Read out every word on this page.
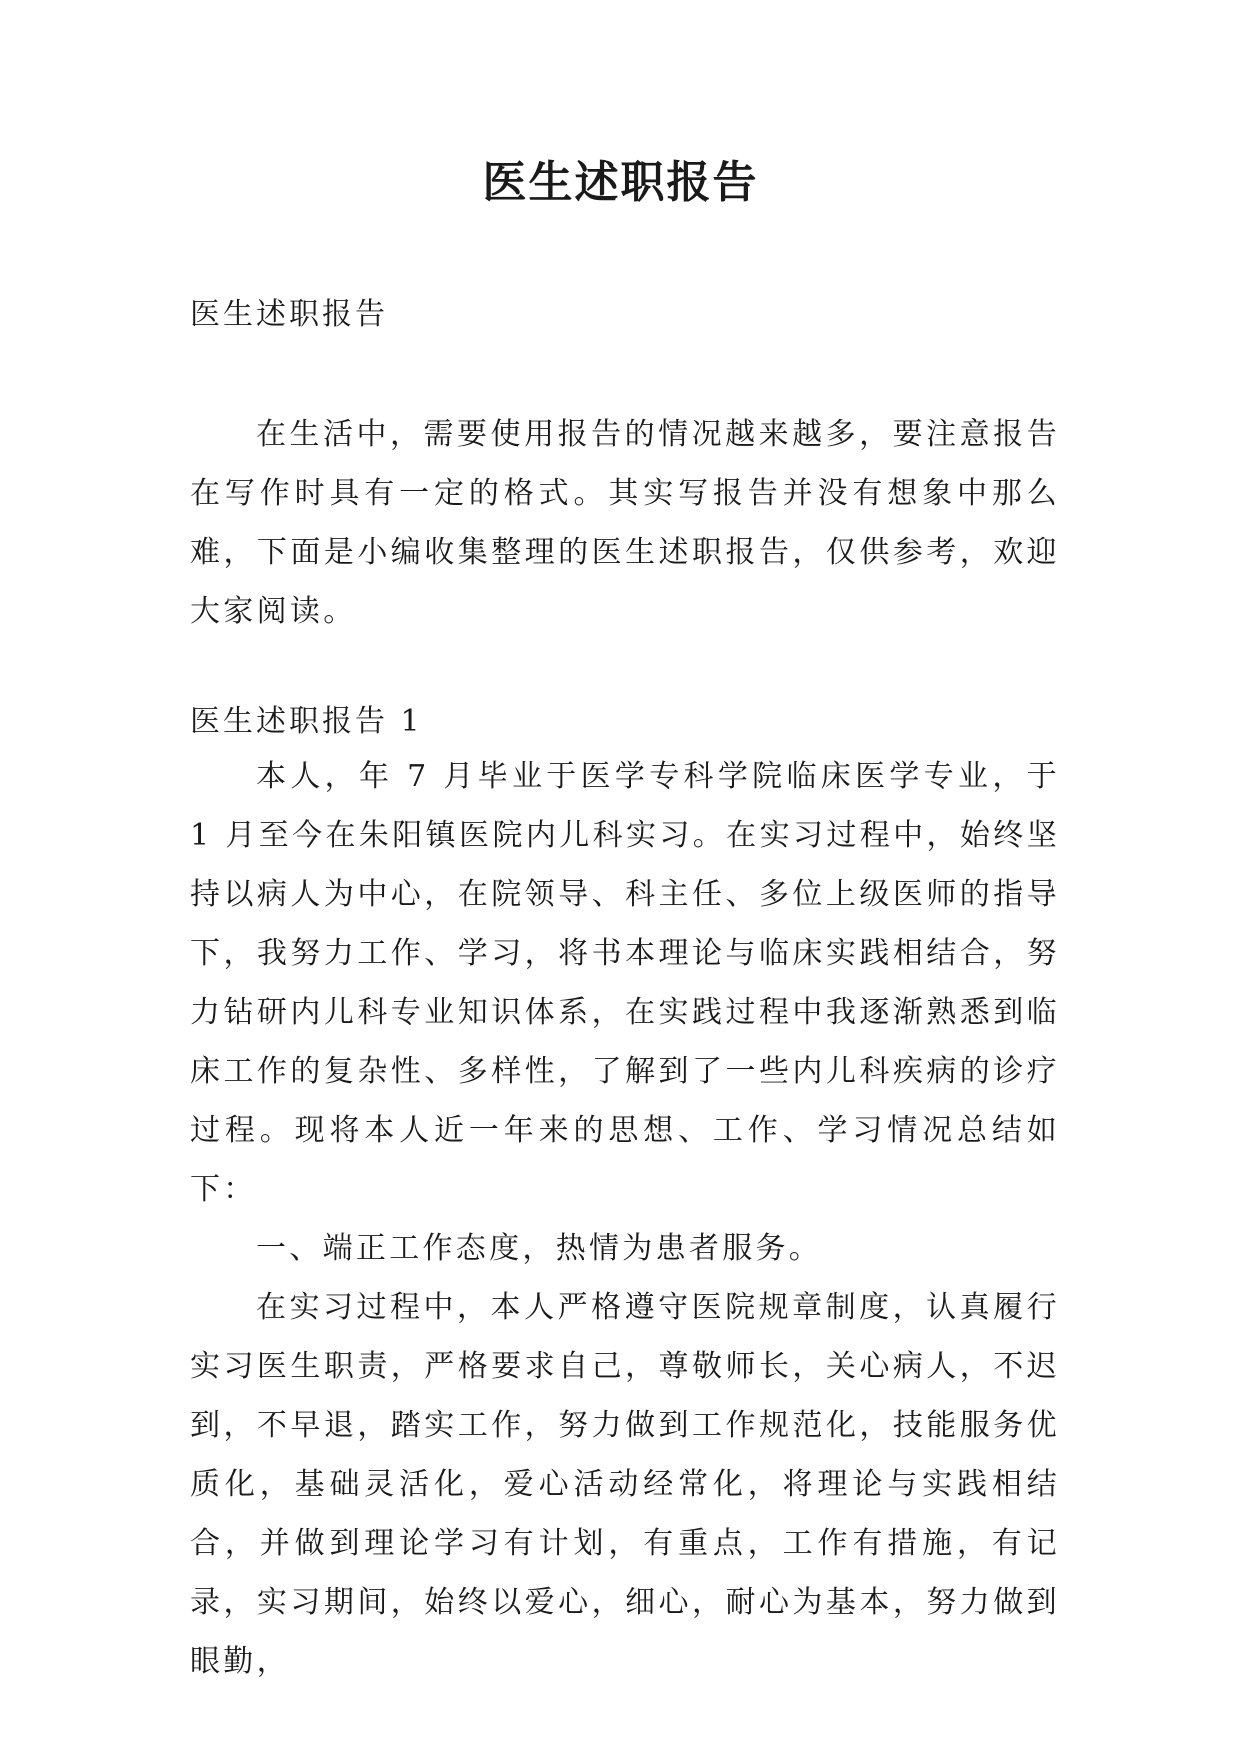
医生述职报告
医生述职报告

在生活中，需要使用报告的情况越来越多，要注意报告在写作时具有一定的格式。其实写报告并没有想象中那么难，下面是小编收集整理的医生述职报告，仅供参考，欢迎大家阅读。

医生述职报告 1

本人，年 7 月毕业于医学专科学院临床医学专业，于 1 月至今在朱阳镇医院内儿科实习。在实习过程中，始终坚持以病人为中心，在院领导、科主任、多位上级医师的指导下，我努力工作、学习，将书本理论与临床实践相结合，努力钻研内儿科专业知识体系，在实践过程中我逐渐熟悉到临床工作的复杂性、多样性，了解到了一些内儿科疾病的诊疗过程。现将本人近一年来的思想、工作、学习情况总结如下：

一、端正工作态度，热情为患者服务。

在实习过程中，本人严格遵守医院规章制度，认真履行实习医生职责，严格要求自己，尊敬师长，关心病人，不迟到，不早退，踏实工作，努力做到工作规范化，技能服务优质化，基础灵活化，爱心活动经常化，将理论与实践相结合，并做到理论学习有计划，有重点，工作有措施，有记录，实习期间，始终以爱心，细心，耐心为基本，努力做到眼勤，
